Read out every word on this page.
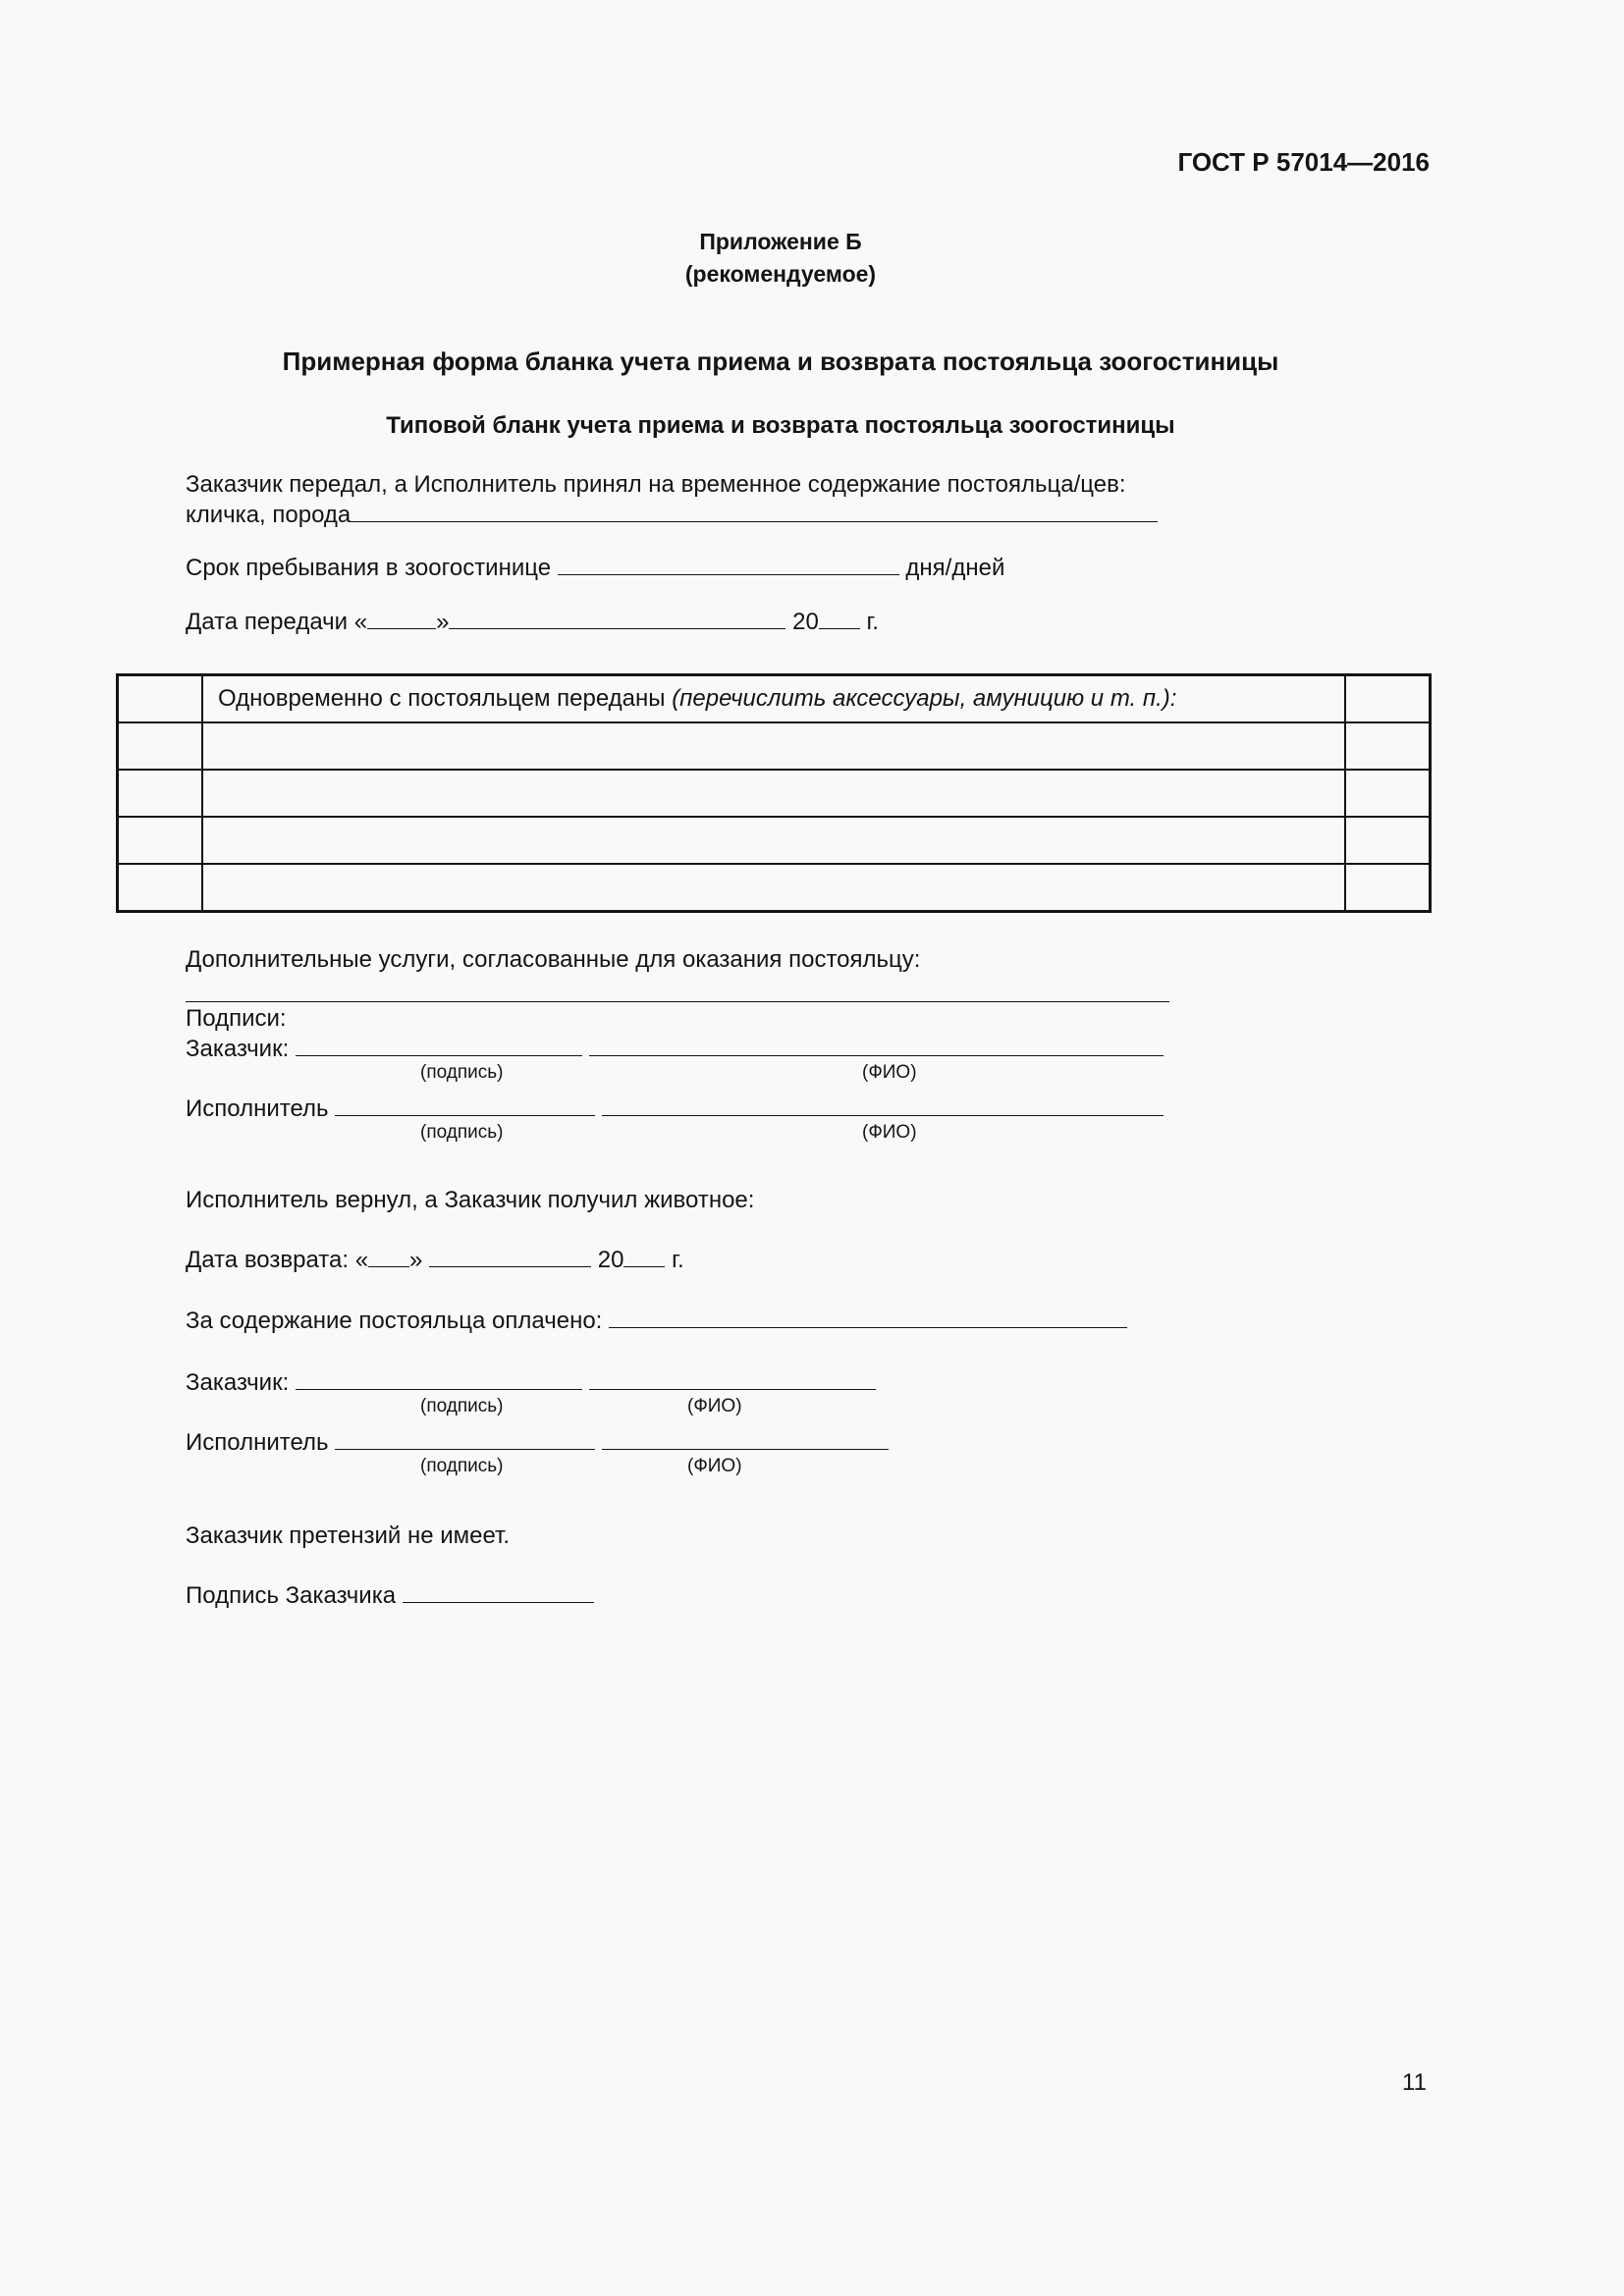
ГОСТ Р 57014—2016
Приложение Б
(рекомендуемое)
Примерная форма бланка учета приема и возврата постояльца зоогостиницы
Типовой бланк учета приема и возврата постояльца зоогостиницы
Заказчик передал, а Исполнитель принял на временное содержание постояльца/цев:
кличка, порода
Срок пребывания в зоогостинице	дня/дней
Дата передачи «	»	20 г.
	Одновременно с постояльцем переданы (перечислить аксессуары, амуницию и т. п.):	

Дополнительные услуги, согласованные для оказания постояльцу:
Подписи:
Заказчик:
(подпись)	(ФИО)
Исполнитель
(подпись)	(ФИО)
Исполнитель вернул, а Заказчик получил животное:
Дата возврата: « »	20 г.
За содержание постояльца оплачено:
Заказчик:
(подпись)	(ФИО)
Исполнитель
(подпись)	(ФИО)
Заказчик претензий не имеет.
Подпись Заказчика
11
